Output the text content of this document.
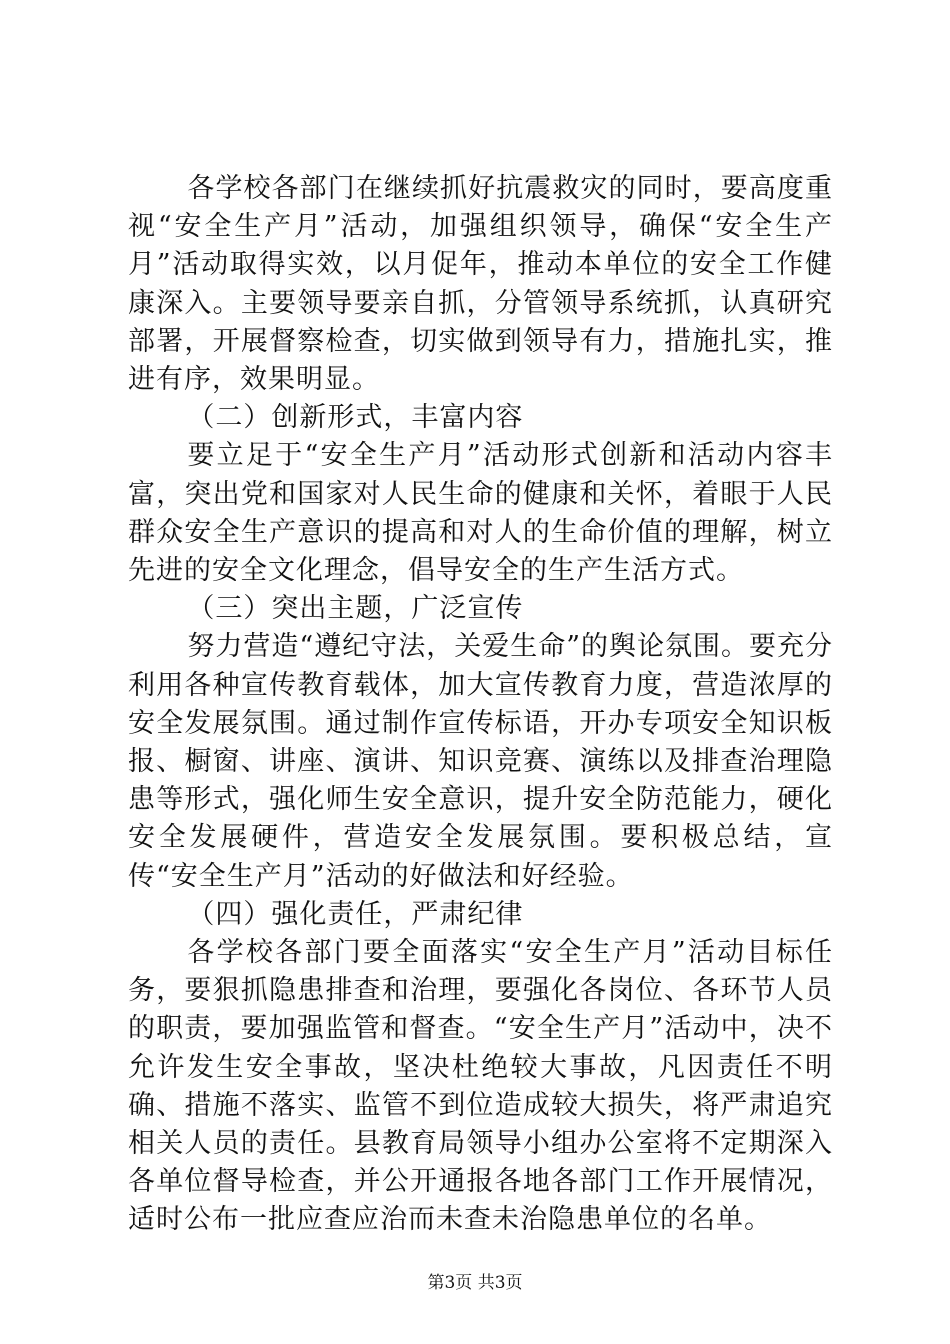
各学校各部门在继续抓好抗震救灾的同时，要高度重视“安全生产月”活动，加强组织领导，确保“安全生产月”活动取得实效，以月促年，推动本单位的安全工作健康深入。主要领导要亲自抓，分管领导系统抓，认真研究部署，开展督察检查，切实做到领导有力，措施扎实，推进有序，效果明显。

（二）创新形式，丰富内容

要立足于“安全生产月”活动形式创新和活动内容丰富，突出党和国家对人民生命的健康和关怀，着眼于人民群众安全生产意识的提高和对人的生命价值的理解，树立先进的安全文化理念，倡导安全的生产生活方式。

（三）突出主题，广泛宣传

努力营造“遵纪守法，关爱生命”的舆论氛围。要充分利用各种宣传教育载体，加大宣传教育力度，营造浓厚的安全发展氛围。通过制作宣传标语，开办专项安全知识板报、橱窗、讲座、演讲、知识竞赛、演练以及排查治理隐患等形式，强化师生安全意识，提升安全防范能力，硬化安全发展硬件，营造安全发展氛围。要积极总结，宣传“安全生产月”活动的好做法和好经验。

（四）强化责任，严肃纪律

各学校各部门要全面落实“安全生产月”活动目标任务，要狠抓隐患排查和治理，要强化各岗位、各环节人员的职责，要加强监管和督查。“安全生产月”活动中，决不允许发生安全事故，坚决杜绝较大事故，凡因责任不明确、措施不落实、监管不到位造成较大损失，将严肃追究相关人员的责任。县教育局领导小组办公室将不定期深入各单位督导检查，并公开通报各地各部门工作开展情况，适时公布一批应查应治而未查未治隐患单位的名单。

第3页 共3页
